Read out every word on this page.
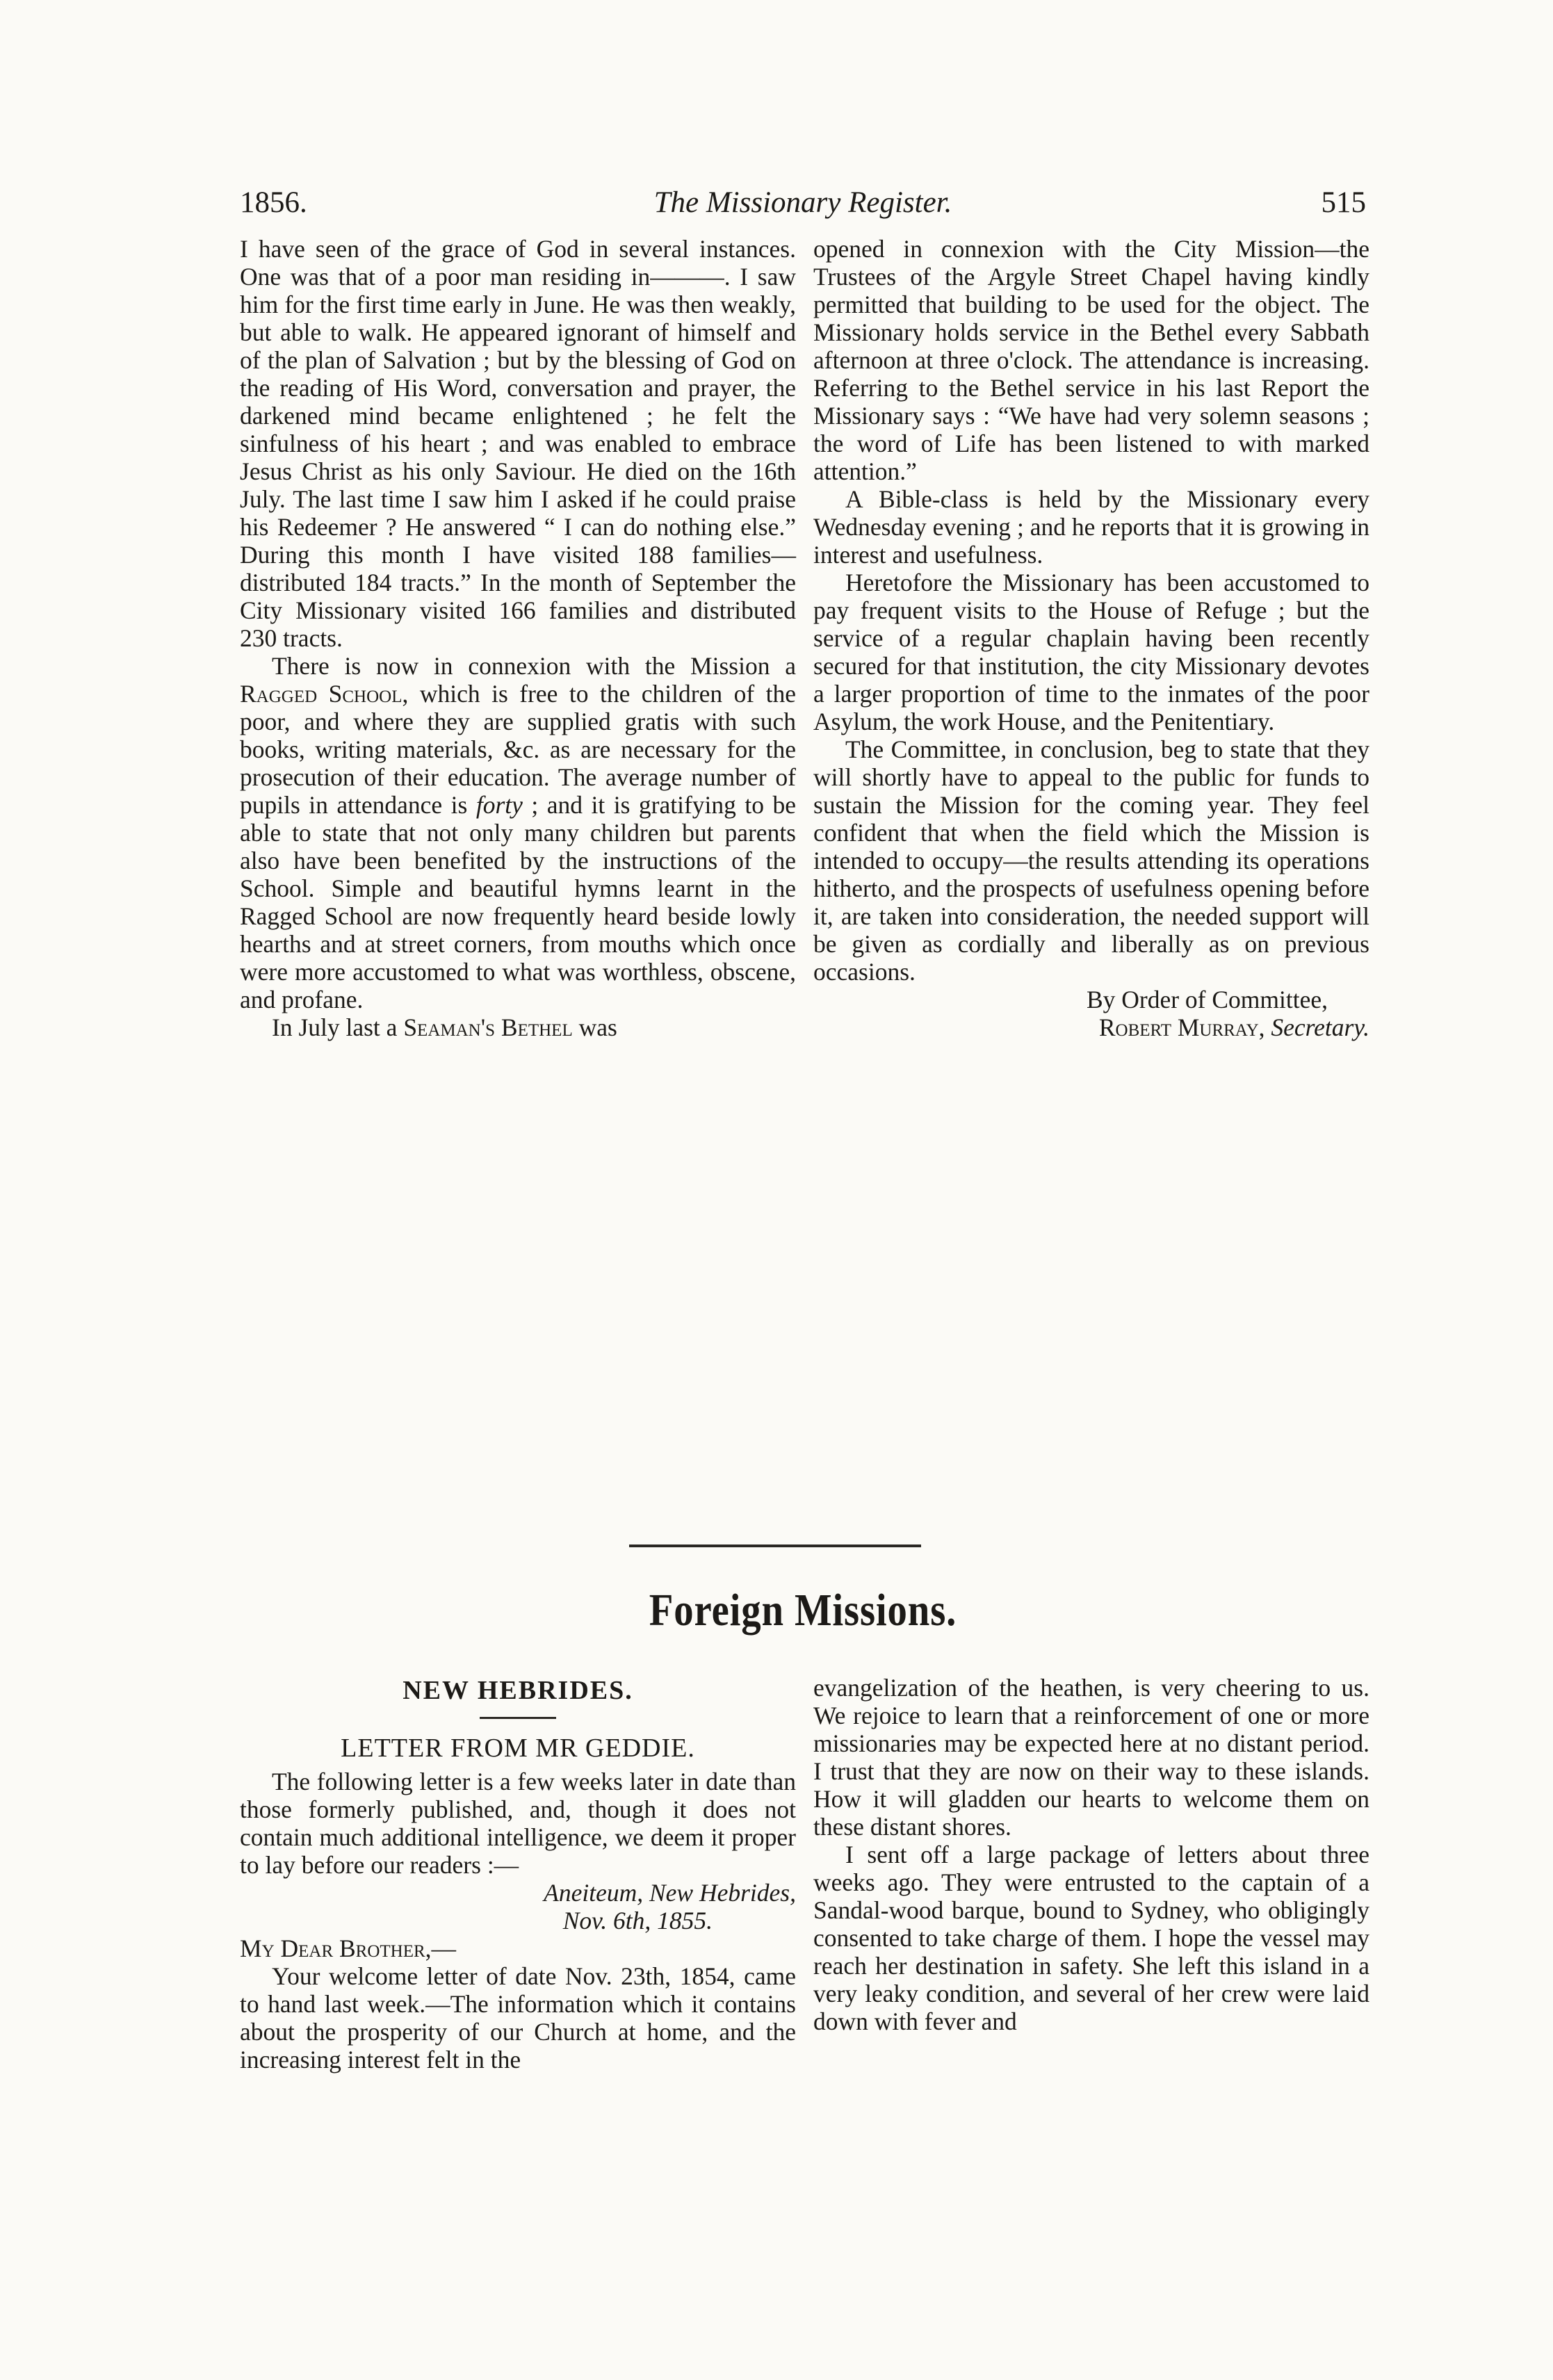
1856.	The Missionary Register.	515

I have seen of the grace of God in several instances. One was that of a poor man residing in———. I saw him for the first time early in June. He was then weakly, but able to walk. He appeared ignorant of himself and of the plan of Salvation ; but by the blessing of God on the reading of His Word, conversation and prayer, the darkened mind became enlightened ; he felt the sinfulness of his heart ; and was enabled to embrace Jesus Christ as his only Saviour. He died on the 16th July. The last time I saw him I asked if he could praise his Redeemer ? He answered “ I can do nothing else.” During this month I have visited 188 families—distributed 184 tracts.” In the month of September the City Missionary visited 166 families and distributed 230 tracts.

There is now in connexion with the Mission a Ragged School, which is free to the children of the poor, and where they are supplied gratis with such books, writing materials, &c. as are necessary for the prosecution of their education. The average number of pupils in attendance is forty ; and it is gratifying to be able to state that not only many children but parents also have been benefited by the instructions of the School. Simple and beautiful hymns learnt in the Ragged School are now frequently heard beside lowly hearths and at street corners, from mouths which once were more accustomed to what was worthless, obscene, and profane.

In July last a Seaman's Bethel was

opened in connexion with the City Mission—the Trustees of the Argyle Street Chapel having kindly permitted that building to be used for the object. The Missionary holds service in the Bethel every Sabbath afternoon at three o'clock. The attendance is increasing. Referring to the Bethel service in his last Report the Missionary says : “We have had very solemn seasons ; the word of Life has been listened to with marked attention.”

A Bible-class is held by the Missionary every Wednesday evening ; and he reports that it is growing in interest and usefulness.

Heretofore the Missionary has been accustomed to pay frequent visits to the House of Refuge ; but the service of a regular chaplain having been recently secured for that institution, the city Missionary devotes a larger proportion of time to the inmates of the poor Asylum, the work House, and the Penitentiary.

The Committee, in conclusion, beg to state that they will shortly have to appeal to the public for funds to sustain the Mission for the coming year. They feel confident that when the field which the Mission is intended to occupy—the results attending its operations hitherto, and the prospects of usefulness opening before it, are taken into consideration, the needed support will be given as cordially and liberally as on previous occasions.

By Order of Committee,

Robert Murray, Secretary.

Foreign Missions.
NEW HEBRIDES.
LETTER FROM MR GEDDIE.

The following letter is a few weeks later in date than those formerly published, and, though it does not contain much additional intelligence, we deem it proper to lay before our readers :—

Aneiteum, New Hebrides,

Nov. 6th, 1855.

My Dear Brother,—

Your welcome letter of date Nov. 23th, 1854, came to hand last week.—The information which it contains about the prosperity of our Church at home, and the increasing interest felt in the

evangelization of the heathen, is very cheering to us. We rejoice to learn that a reinforcement of one or more missionaries may be expected here at no distant period. I trust that they are now on their way to these islands. How it will gladden our hearts to welcome them on these distant shores.

I sent off a large package of letters about three weeks ago. They were entrusted to the captain of a Sandal-wood barque, bound to Sydney, who obligingly consented to take charge of them. I hope the vessel may reach her destination in safety. She left this island in a very leaky condition, and several of her crew were laid down with fever and
